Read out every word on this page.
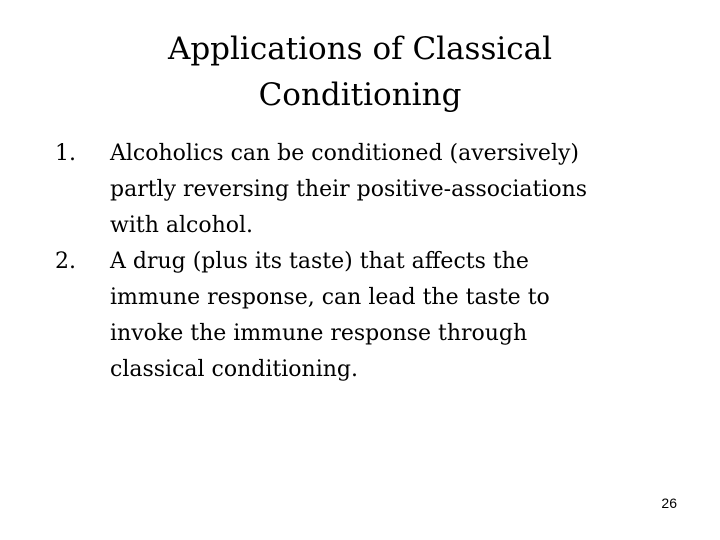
Applications of Classical
Conditioning
1. Alcoholics can be conditioned (aversively)
partly reversing their positive-associations
with alcohol.
2. A drug (plus its taste) that affects the
immune response, can lead the taste to
invoke the immune response through
classical conditioning.
26
